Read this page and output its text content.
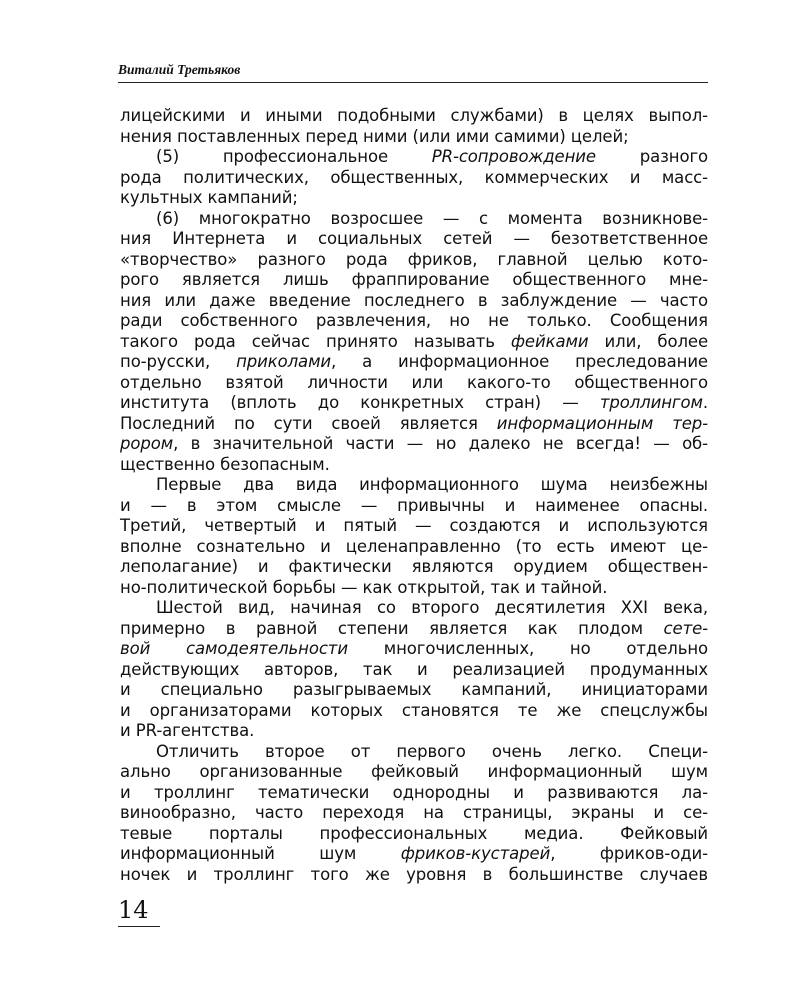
Виталий Третьяков
лицейскими и иными подобными службами) в целях выпол-
нения поставленных перед ними (или ими самими) целей;
(5) профессиональное PR-сопровождение разного
рода политических, общественных, коммерческих и масс-
культных кампаний;
(6) многократно возросшее — с момента возникнове-
ния Интернета и социальных сетей — безответственное
«творчество» разного рода фриков, главной целью кото-
рого является лишь фраппирование общественного мне-
ния или даже введение последнего в заблуждение — часто
ради собственного развлечения, но не только. Сообщения
такого рода сейчас принято называть фейками или, более
по-русски, приколами, а информационное преследование
отдельно взятой личности или какого-то общественного
института (вплоть до конкретных стран) — троллингом.
Последний по сути своей является информационным тер-
рором, в значительной части — но далеко не всегда! — об-
щественно безопасным.
Первые два вида информационного шума неизбежны
и — в этом смысле — привычны и наименее опасны.
Третий, четвертый и пятый — создаются и используются
вполне сознательно и целенаправленно (то есть имеют це-
леполагание) и фактически являются орудием обществен-
но-политической борьбы — как открытой, так и тайной.
Шестой вид, начиная со второго десятилетия XXI века,
примерно в равной степени является как плодом сете-
вой самодеятельности многочисленных, но отдельно
действующих авторов, так и реализацией продуманных
и специально разыгрываемых кампаний, инициаторами
и организаторами которых становятся те же спецслужбы
и PR-агентства.
Отличить второе от первого очень легко. Специ-
ально организованные фейковый информационный шум
и троллинг тематически однородны и развиваются ла-
винообразно, часто переходя на страницы, экраны и се-
тевые порталы профессиональных медиа. Фейковый
информационный шум фриков-кустарей, фриков-оди-
ночек и троллинг того же уровня в большинстве случаев
14
